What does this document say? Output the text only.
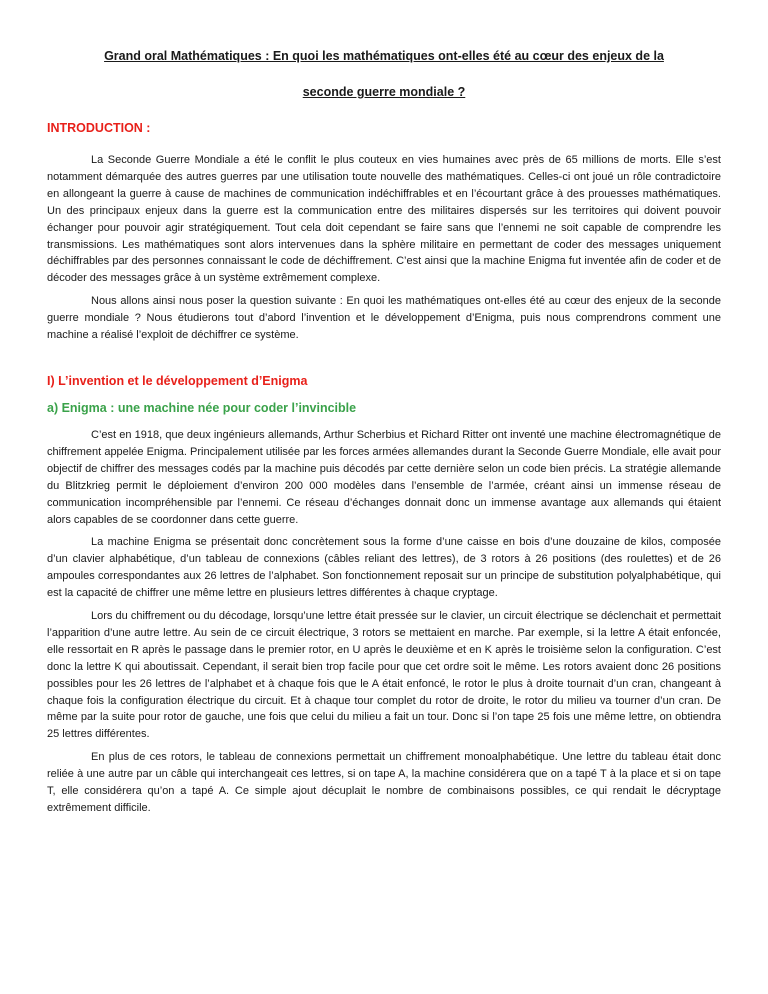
Grand oral Mathématiques : En quoi les mathématiques ont-elles été au cœur des enjeux de la
seconde guerre mondiale ?
INTRODUCTION :

La Seconde Guerre Mondiale a été le conflit le plus couteux en vies humaines avec près de 65 millions de morts. Elle s’est notamment démarquée des autres guerres par une utilisation toute nouvelle des mathématiques. Celles-ci ont joué un rôle contradictoire en allongeant la guerre à cause de machines de communication indéchiffrables et en l’écourtant grâce à des prouesses mathématiques. Un des principaux enjeux dans la guerre est la communication entre des militaires dispersés sur les territoires qui doivent pouvoir échanger pour pouvoir agir stratégiquement. Tout cela doit cependant se faire sans que l’ennemi ne soit capable de comprendre les transmissions. Les mathématiques sont alors intervenues dans la sphère militaire en permettant de coder des messages uniquement déchiffrables par des personnes connaissant le code de déchiffrement. C’est ainsi que la machine Enigma fut inventée afin de coder et de décoder des messages grâce à un système extrêmement complexe.

Nous allons ainsi nous poser la question suivante : En quoi les mathématiques ont-elles été au cœur des enjeux de la seconde guerre mondiale ? Nous étudierons tout d’abord l’invention et le développement d’Enigma, puis nous comprendrons comment une machine a réalisé l’exploit de déchiffrer ce système.

I) L’invention et le développement d’Enigma
a) Enigma : une machine née pour coder l’invincible

C’est en 1918, que deux ingénieurs allemands, Arthur Scherbius et Richard Ritter ont inventé une machine électromagnétique de chiffrement appelée Enigma. Principalement utilisée par les forces armées allemandes durant la Seconde Guerre Mondiale, elle avait pour objectif de chiffrer des messages codés par la machine puis décodés par cette dernière selon un code bien précis. La stratégie allemande du Blitzkrieg permit le déploiement d’environ 200 000 modèles dans l’ensemble de l’armée, créant ainsi un immense réseau de communication incompréhensible par l’ennemi. Ce réseau d’échanges donnait donc un immense avantage aux allemands qui étaient alors capables de se coordonner dans cette guerre.

La machine Enigma se présentait donc concrètement sous la forme d’une caisse en bois d’une douzaine de kilos, composée d’un clavier alphabétique, d’un tableau de connexions (câbles reliant des lettres), de 3 rotors à 26 positions (des roulettes) et de 26 ampoules correspondantes aux 26 lettres de l’alphabet. Son fonctionnement reposait sur un principe de substitution polyalphabétique, qui est la capacité de chiffrer une même lettre en plusieurs lettres différentes à chaque cryptage.

Lors du chiffrement ou du décodage, lorsqu’une lettre était pressée sur le clavier, un circuit électrique se déclenchait et permettait l’apparition d’une autre lettre. Au sein de ce circuit électrique, 3 rotors se mettaient en marche. Par exemple, si la lettre A était enfoncée, elle ressortait en R après le passage dans le premier rotor, en U après le deuxième et en K après le troisième selon la configuration. C’est donc la lettre K qui aboutissait. Cependant, il serait bien trop facile pour que cet ordre soit le même. Les rotors avaient donc 26 positions possibles pour les 26 lettres de l’alphabet et à chaque fois que le A était enfoncé, le rotor le plus à droite tournait d’un cran, changeant à chaque fois la configuration électrique du circuit. Et à chaque tour complet du rotor de droite, le rotor du milieu va tourner d’un cran. De même par la suite pour rotor de gauche, une fois que celui du milieu a fait un tour. Donc si l’on tape 25 fois une même lettre, on obtiendra 25 lettres différentes.

En plus de ces rotors, le tableau de connexions permettait un chiffrement monoalphabétique. Une lettre du tableau était donc reliée à une autre par un câble qui interchangeait ces lettres, si on tape A, la machine considérera que on a tapé T à la place et si on tape T, elle considérera qu’on a tapé A. Ce simple ajout décuplait le nombre de combinaisons possibles, ce qui rendait le décryptage extrêmement difficile.
